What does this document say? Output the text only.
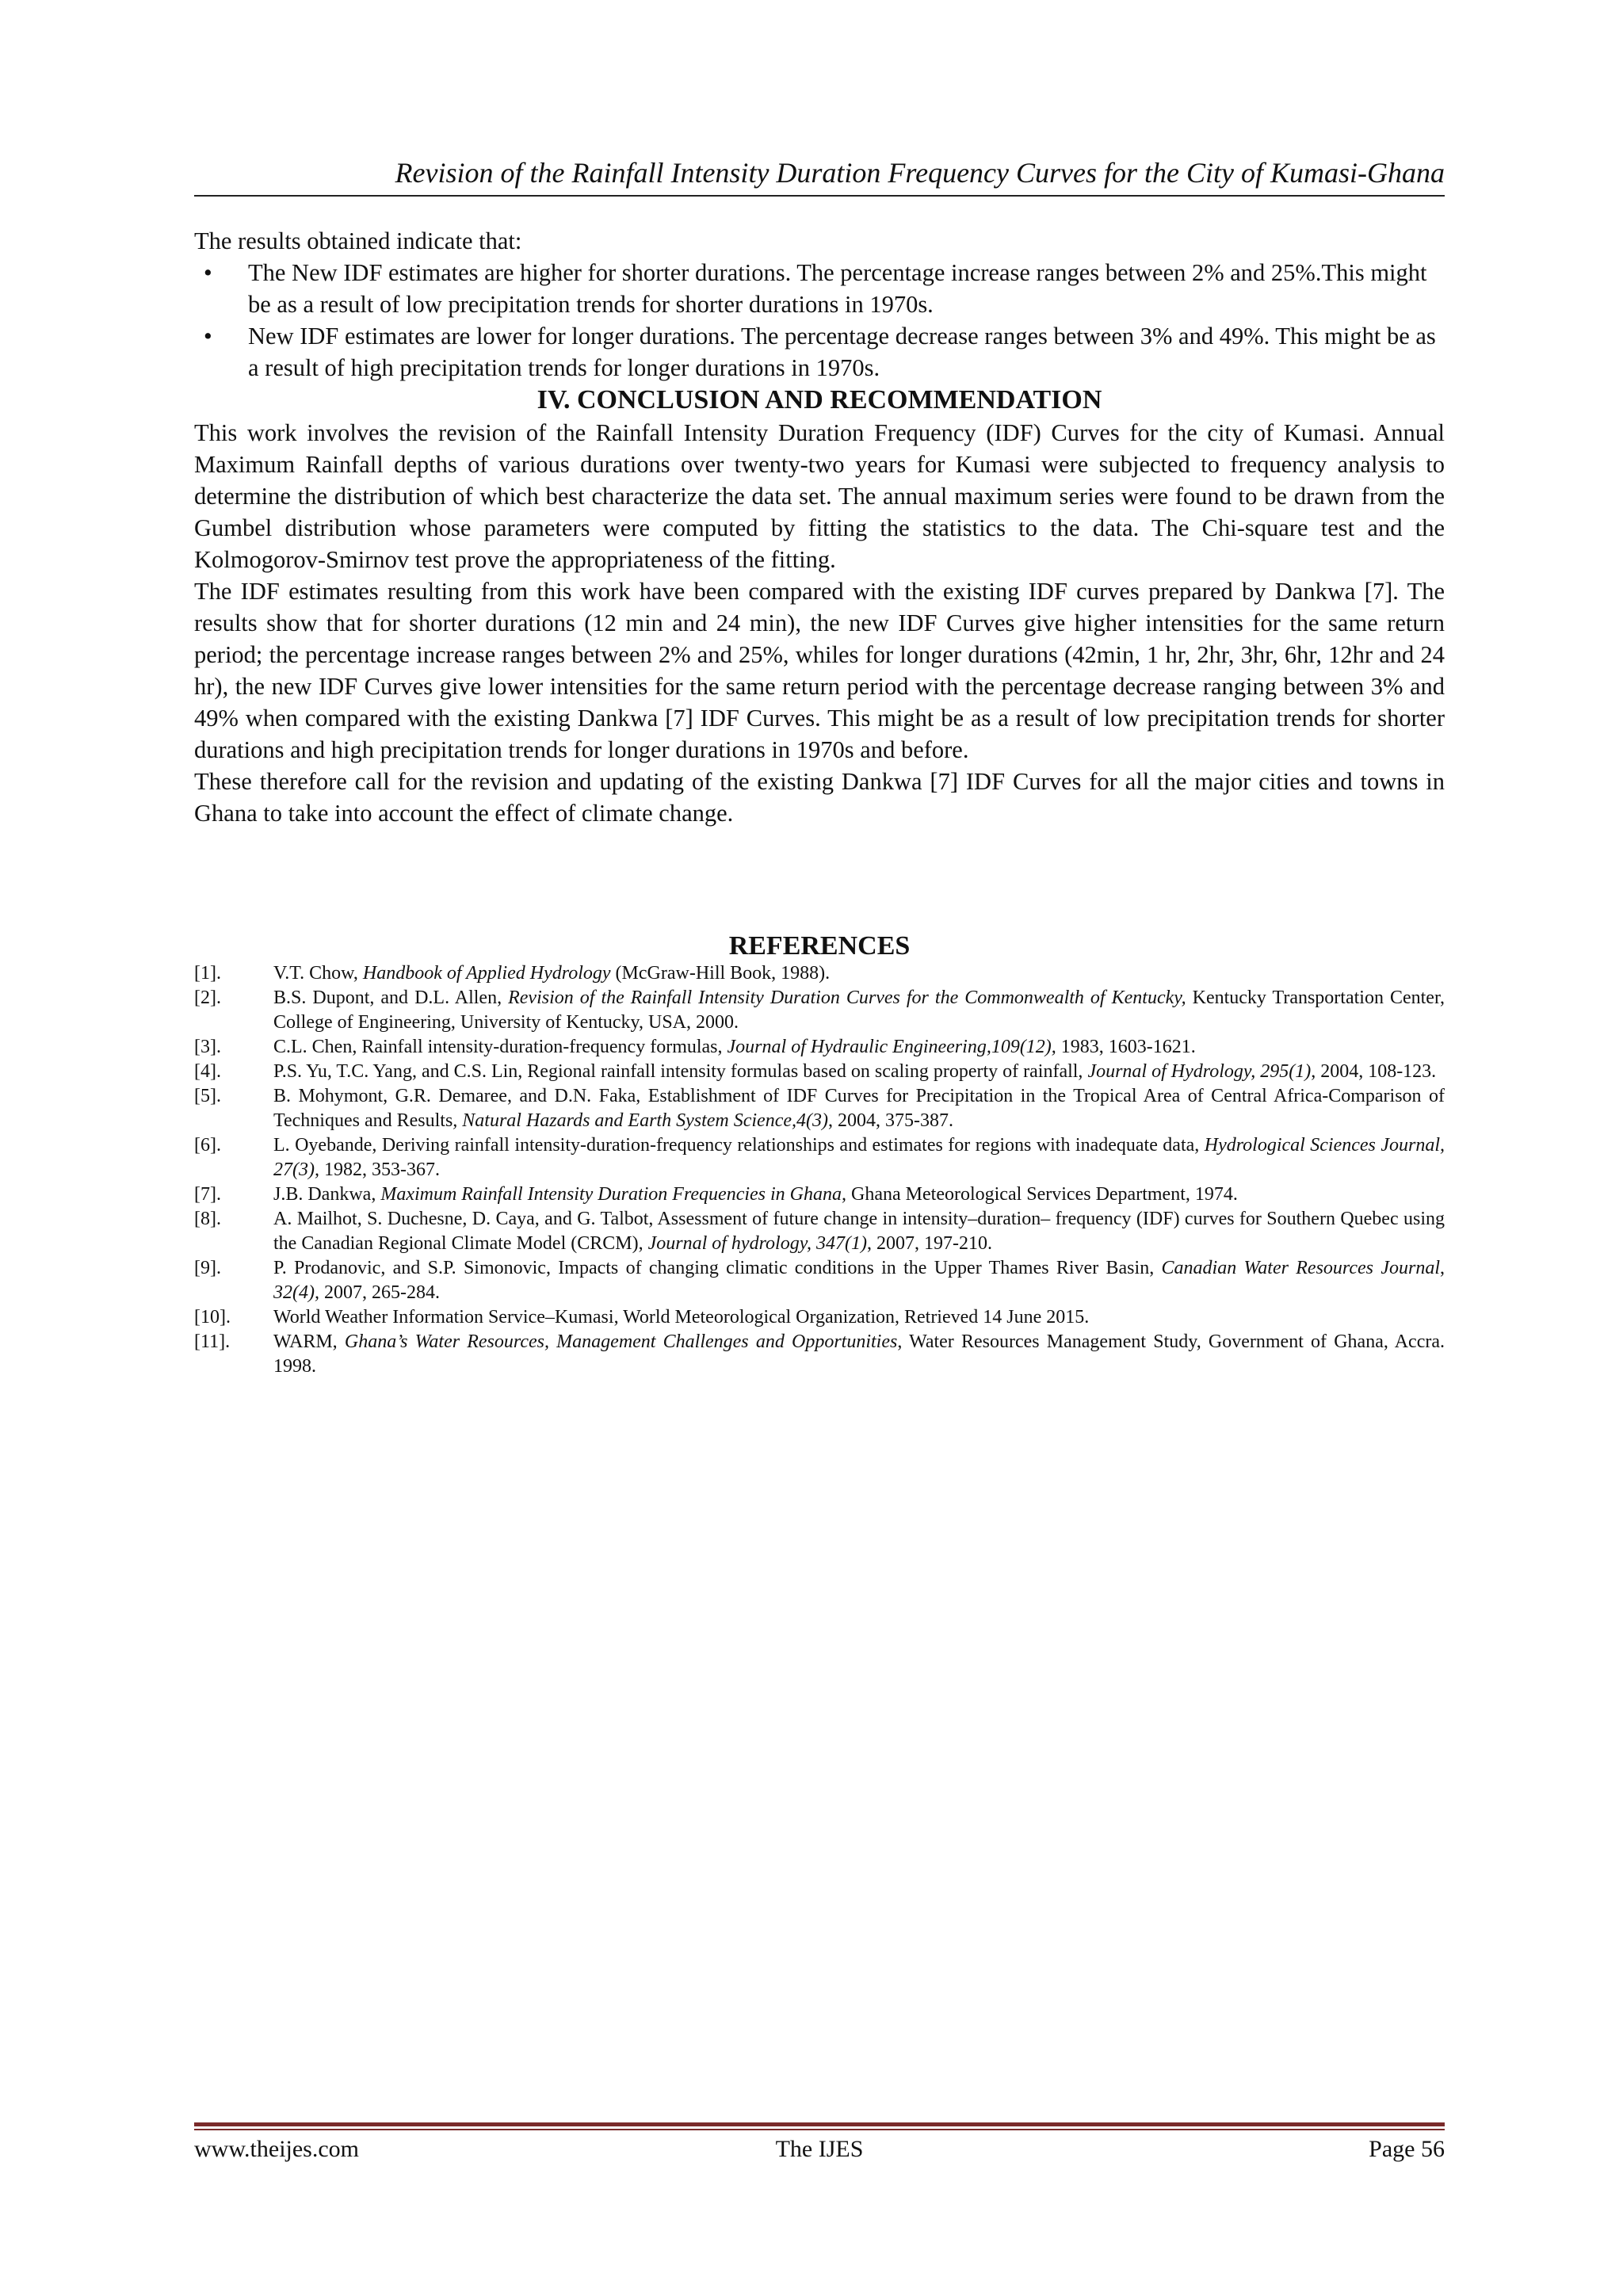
Revision of the Rainfall Intensity Duration Frequency Curves for the City of Kumasi-Ghana

The results obtained indicate that:

• The New IDF estimates are higher for shorter durations. The percentage increase ranges between 2% and 25%.This might be as a result of low precipitation trends for shorter durations in 1970s.
• New IDF estimates are lower for longer durations. The percentage decrease ranges between 3% and 49%. This might be as a result of high precipitation trends for longer durations in 1970s.
IV. CONCLUSION AND RECOMMENDATION

This work involves the revision of the Rainfall Intensity Duration Frequency (IDF) Curves for the city of Kumasi. Annual Maximum Rainfall depths of various durations over twenty-two years for Kumasi were subjected to frequency analysis to determine the distribution of which best characterize the data set. The annual maximum series were found to be drawn from the Gumbel distribution whose parameters were computed by fitting the statistics to the data. The Chi-square test and the Kolmogorov-Smirnov test prove the appropriateness of the fitting.

The IDF estimates resulting from this work have been compared with the existing IDF curves prepared by Dankwa [7]. The results show that for shorter durations (12 min and 24 min), the new IDF Curves give higher intensities for the same return period; the percentage increase ranges between 2% and 25%, whiles for longer durations (42min, 1 hr, 2hr, 3hr, 6hr, 12hr and 24 hr), the new IDF Curves give lower intensities for the same return period with the percentage decrease ranging between 3% and 49% when compared with the existing Dankwa [7] IDF Curves. This might be as a result of low precipitation trends for shorter durations and high precipitation trends for longer durations in 1970s and before.

These therefore call for the revision and updating of the existing Dankwa [7] IDF Curves for all the major cities and towns in Ghana to take into account the effect of climate change.

REFERENCES
[1].	V.T. Chow, Handbook of Applied Hydrology (McGraw-Hill Book, 1988).
[2].	B.S. Dupont, and D.L. Allen, Revision of the Rainfall Intensity Duration Curves for the Commonwealth of Kentucky, Kentucky Transportation Center, College of Engineering, University of Kentucky, USA, 2000.
[3].	C.L. Chen, Rainfall intensity-duration-frequency formulas, Journal of Hydraulic Engineering,109(12), 1983, 1603-1621.
[4].	P.S. Yu, T.C. Yang, and C.S. Lin, Regional rainfall intensity formulas based on scaling property of rainfall, Journal of Hydrology, 295(1), 2004, 108-123.
[5].	B. Mohymont, G.R. Demaree, and D.N. Faka, Establishment of IDF Curves for Precipitation in the Tropical Area of Central Africa-Comparison of Techniques and Results, Natural Hazards and Earth System Science,4(3), 2004, 375-387.
[6].	L. Oyebande, Deriving rainfall intensity-duration-frequency relationships and estimates for regions with inadequate data, Hydrological Sciences Journal, 27(3), 1982, 353-367.
[7].	J.B. Dankwa, Maximum Rainfall Intensity Duration Frequencies in Ghana, Ghana Meteorological Services Department, 1974.
[8].	A. Mailhot, S. Duchesne, D. Caya, and G. Talbot, Assessment of future change in intensity–duration– frequency (IDF) curves for Southern Quebec using the Canadian Regional Climate Model (CRCM), Journal of hydrology, 347(1), 2007, 197-210.
[9].	P. Prodanovic, and S.P. Simonovic, Impacts of changing climatic conditions in the Upper Thames River Basin, Canadian Water Resources Journal, 32(4), 2007, 265-284.
[10]. World Weather Information Service–Kumasi, World Meteorological Organization, Retrieved 14 June 2015.
[11]. WARM, Ghana’s Water Resources, Management Challenges and Opportunities, Water Resources Management Study, Government of Ghana, Accra. 1998.
www.theijes.com	The IJES	Page 56
